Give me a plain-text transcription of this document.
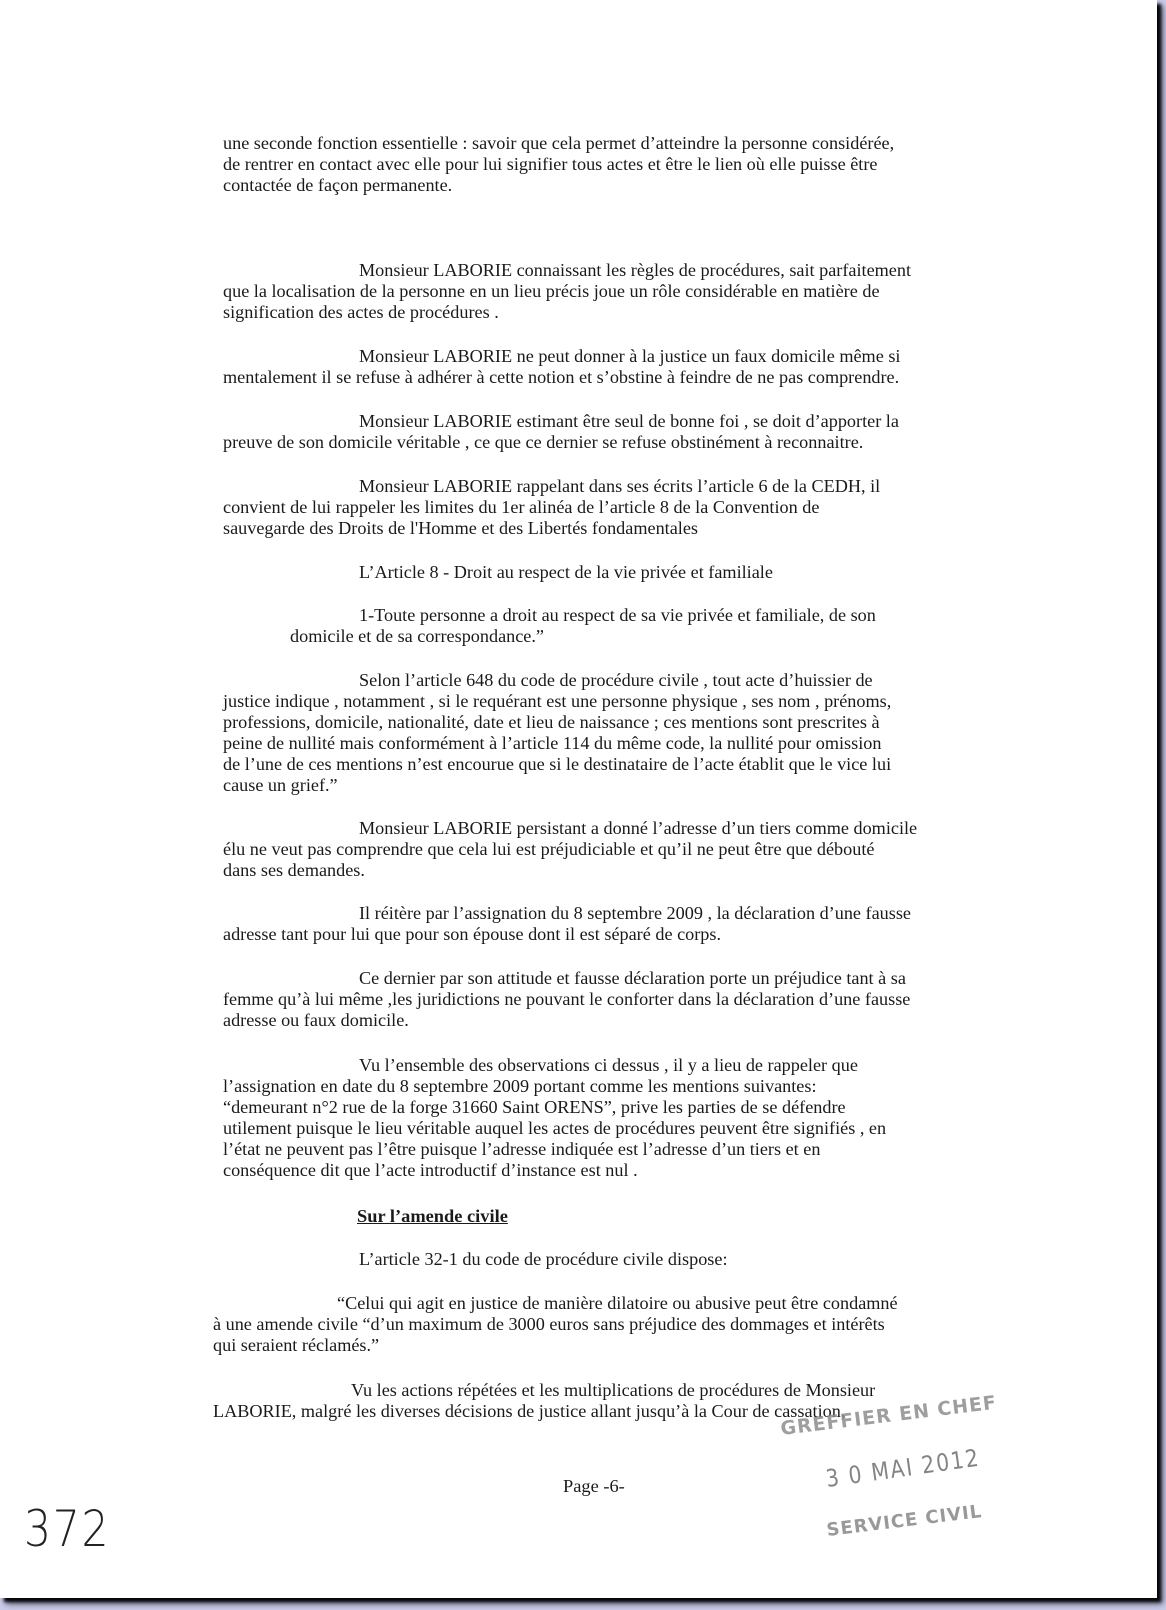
une seconde fonction essentielle : savoir que cela permet d’atteindre la personne considérée,
de rentrer en contact avec elle pour lui signifier tous actes et être le lien où elle puisse être
contactée de façon permanente.
Monsieur LABORIE connaissant les règles de procédures, sait parfaitement
que la localisation de la personne en un lieu précis joue un rôle considérable en matière de
signification des actes de procédures .
Monsieur LABORIE ne peut donner à la justice un faux domicile même si
mentalement il se refuse à adhérer à cette notion et s’obstine à feindre de ne pas comprendre.
Monsieur LABORIE estimant être seul de bonne foi , se doit d’apporter la
preuve de son domicile véritable , ce que ce dernier se refuse obstinément à reconnaitre.
Monsieur LABORIE rappelant dans ses écrits l’article 6 de la CEDH, il
convient de lui rappeler les limites du 1er alinéa de l’article 8 de la Convention de
sauvegarde des Droits de l'Homme et des Libertés fondamentales
L’Article 8 - Droit au respect de la vie privée et familiale
1-Toute personne a droit au respect de sa vie privée et familiale, de son
domicile et de sa correspondance.”
Selon l’article 648 du code de procédure civile , tout acte d’huissier de
justice indique , notamment , si le requérant est une personne physique , ses nom , prénoms,
professions, domicile, nationalité, date et lieu de naissance ; ces mentions sont prescrites à
peine de nullité mais conformément à l’article 114 du même code, la nullité pour omission
de l’une de ces mentions n’est encourue que si le destinataire de l’acte établit que le vice lui
cause un grief.”
Monsieur LABORIE persistant a donné l’adresse d’un tiers comme domicile
élu ne veut pas comprendre que cela lui est préjudiciable et qu’il ne peut être que débouté
dans ses demandes.
Il réitère par l’assignation du 8 septembre 2009 , la déclaration d’une fausse
adresse tant pour lui que pour son épouse dont il est séparé de corps.
Ce dernier par son attitude et fausse déclaration porte un préjudice tant à sa
femme qu’à lui même ,les juridictions ne pouvant le conforter dans la déclaration d’une fausse
adresse ou faux domicile.
Vu l’ensemble des observations ci dessus , il y a lieu de rappeler que
l’assignation en date du 8 septembre 2009 portant comme les mentions suivantes:
“demeurant n°2 rue de la forge 31660 Saint ORENS”, prive les parties de se défendre
utilement puisque le lieu véritable auquel les actes de procédures peuvent être signifiés , en
l’état ne peuvent pas l’être puisque l’adresse indiquée est l’adresse d’un tiers et en
conséquence dit que l’acte introductif d’instance est nul .
Sur l’amende civile
L’article 32-1 du code de procédure civile dispose:
“Celui qui agit en justice de manière dilatoire ou abusive peut être condamné
à une amende civile “d’un maximum de 3000 euros sans préjudice des dommages et intérêts
qui seraient réclamés.”
Vu les actions répétées et les multiplications de procédures de Monsieur
LABORIE, malgré les diverses décisions de justice allant jusqu’à la Cour de cassation,
Page -6-
372
GREFFIER EN CHEF
3 0 MAI 2012
SERVICE CIVIL
